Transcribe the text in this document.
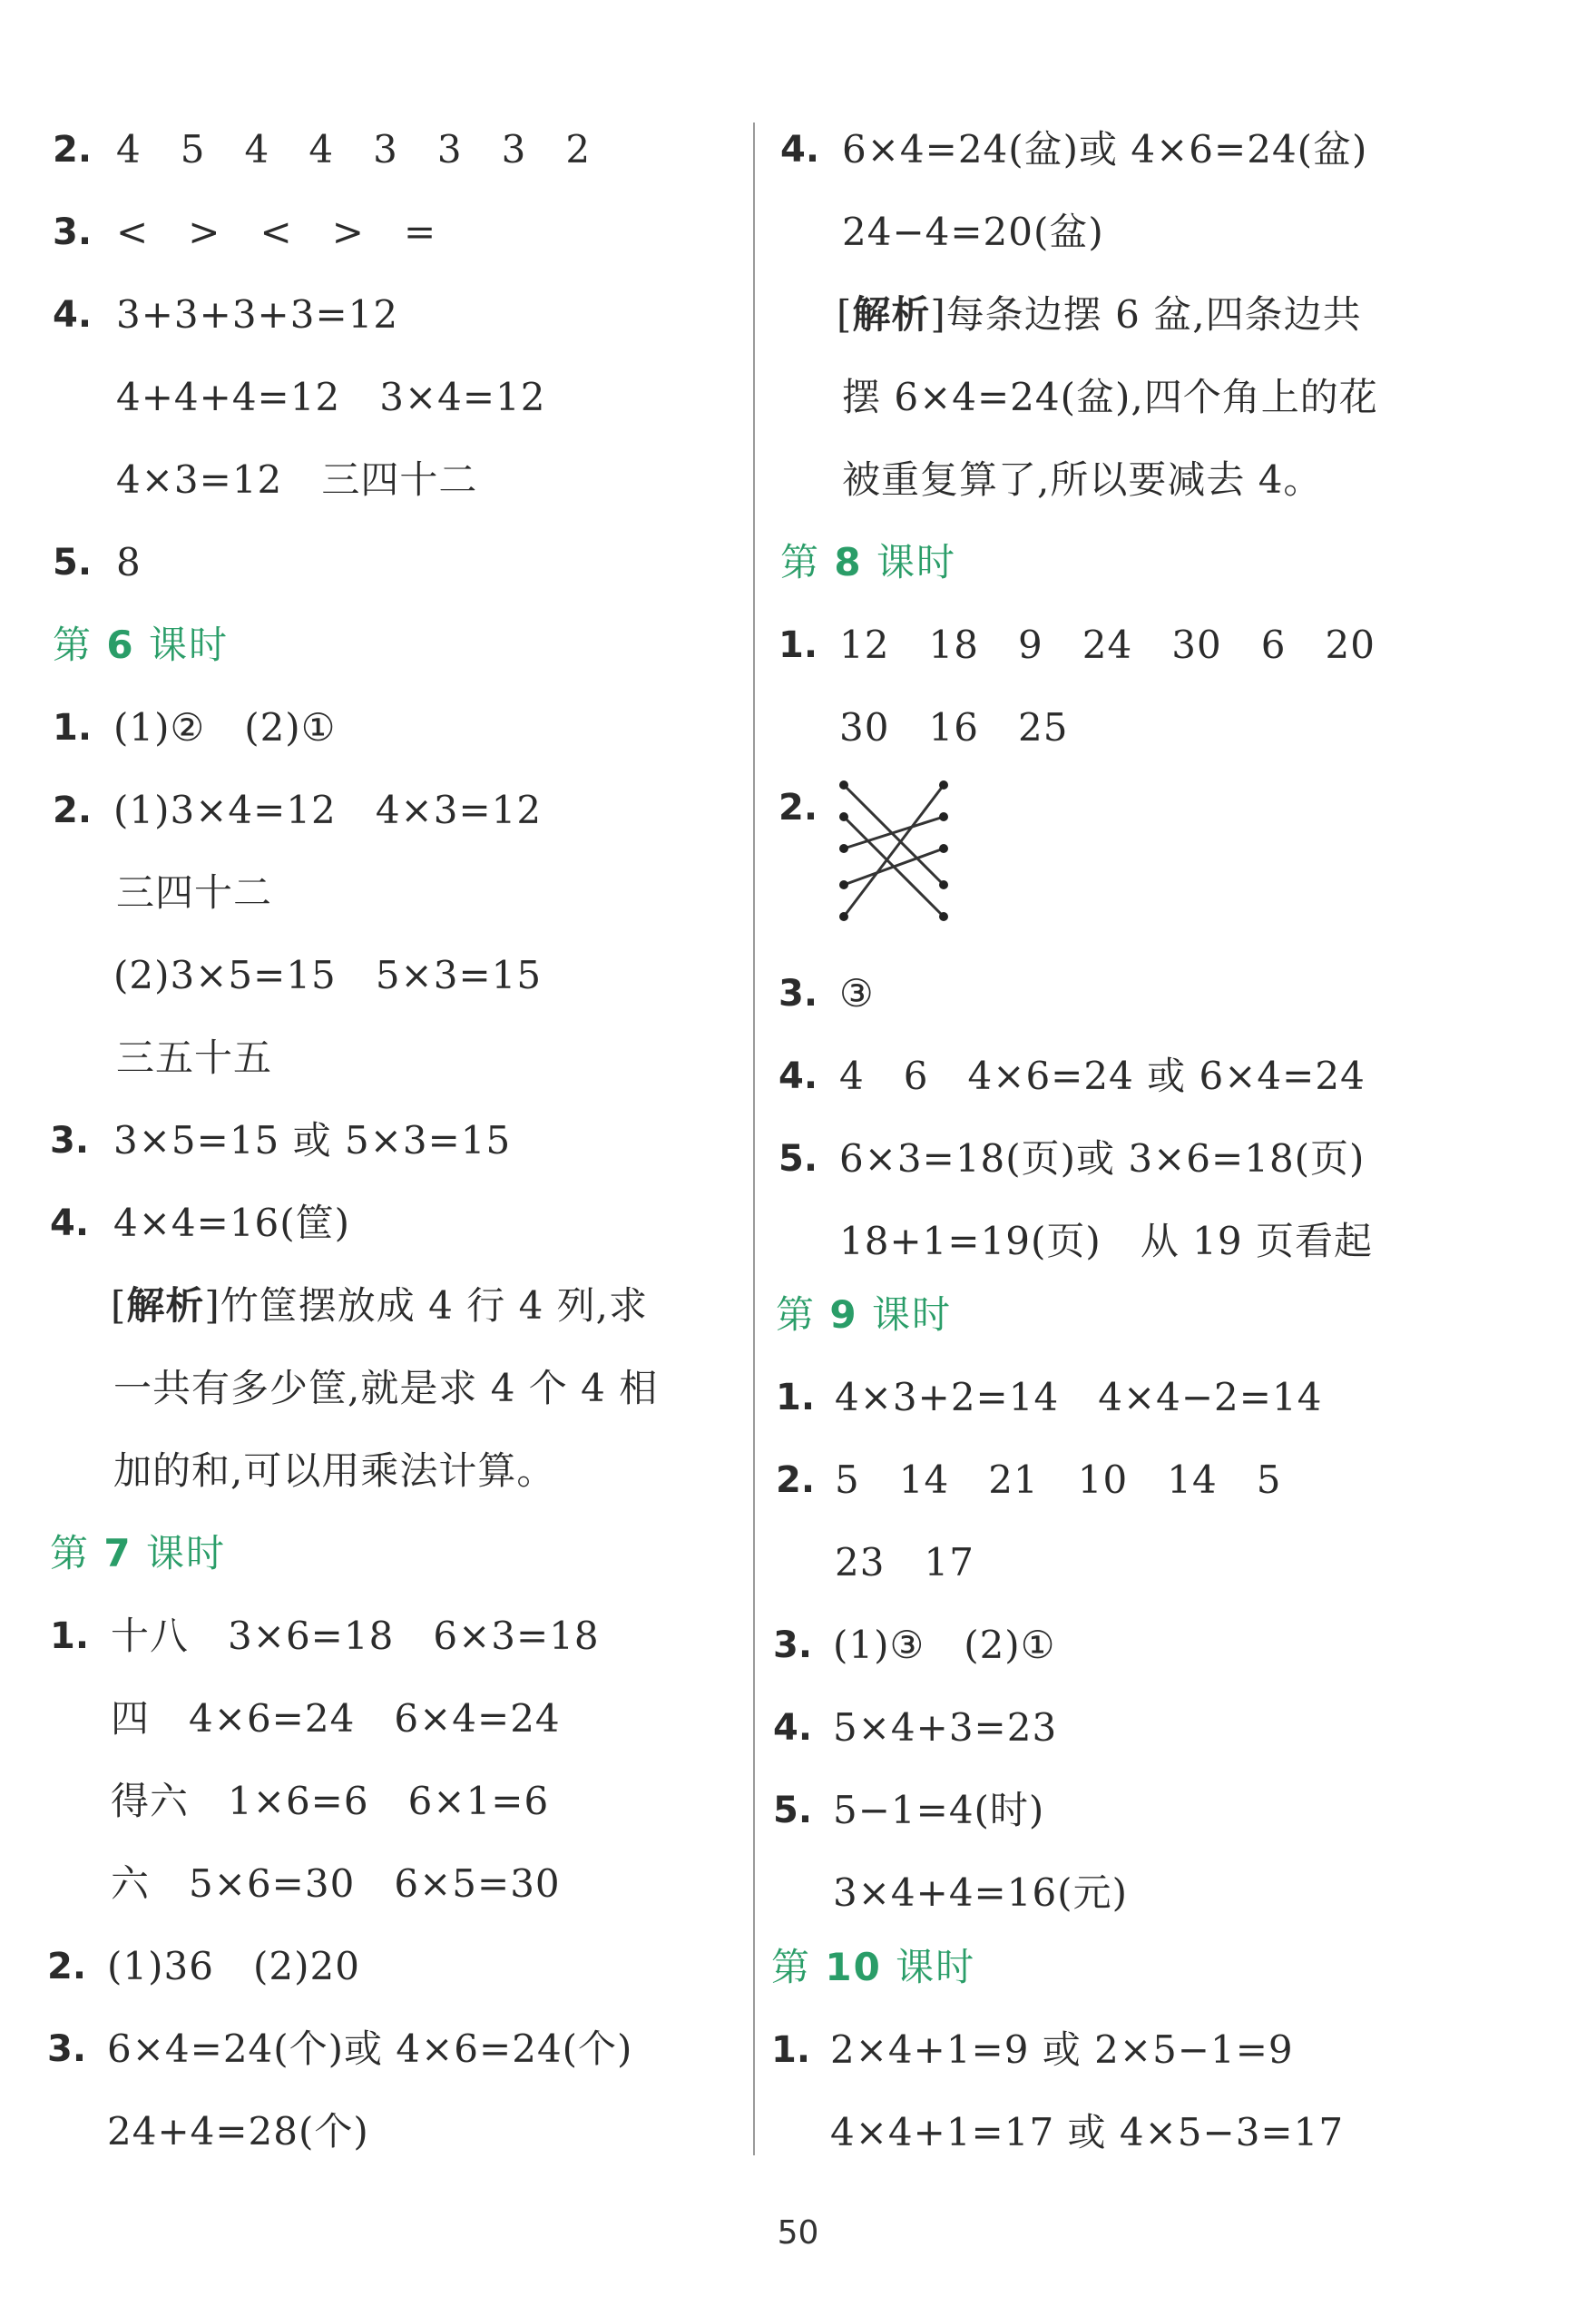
2. 4   5   4   4   3   3   3   2
3. <   >   <   >   =
4. 3+3+3+3=12
4+4+4=12   3×4=12
4×3=12   三四十二
5. 8
第 6 课时
1. (1)②   (2)①
2. (1)3×4=12   4×3=12
三四十二
(2)3×5=15   5×3=15
三五十五
3. 3×5=15 或 5×3=15
4. 4×4=16(筐)
[解析]竹筐摆放成 4 行 4 列,求
一共有多少筐,就是求 4 个 4 相
加的和,可以用乘法计算。
第 7 课时
1. 十八   3×6=18   6×3=18
四   4×6=24   6×4=24
得六   1×6=6   6×1=6
六   5×6=30   6×5=30
2. (1)36   (2)20
3. 6×4=24(个)或 4×6=24(个)
24+4=28(个)
4. 6×4=24(盆)或 4×6=24(盆)
24−4=20(盆)
[解析]每条边摆 6 盆,四条边共
摆 6×4=24(盆),四个角上的花
被重复算了,所以要减去 4。
第 8 课时
1. 12   18   9   24   30   6   20
30   16   25
2.
3. ③
4. 4   6   4×6=24 或 6×4=24
5. 6×3=18(页)或 3×6=18(页)
18+1=19(页)   从 19 页看起
第 9 课时
1. 4×3+2=14   4×4−2=14
2. 5   14   21   10   14   5
23   17
3. (1)③   (2)①
4. 5×4+3=23
5. 5−1=4(时)
3×4+4=16(元)
第 10 课时
1. 2×4+1=9 或 2×5−1=9
4×4+1=17 或 4×5−3=17
50
